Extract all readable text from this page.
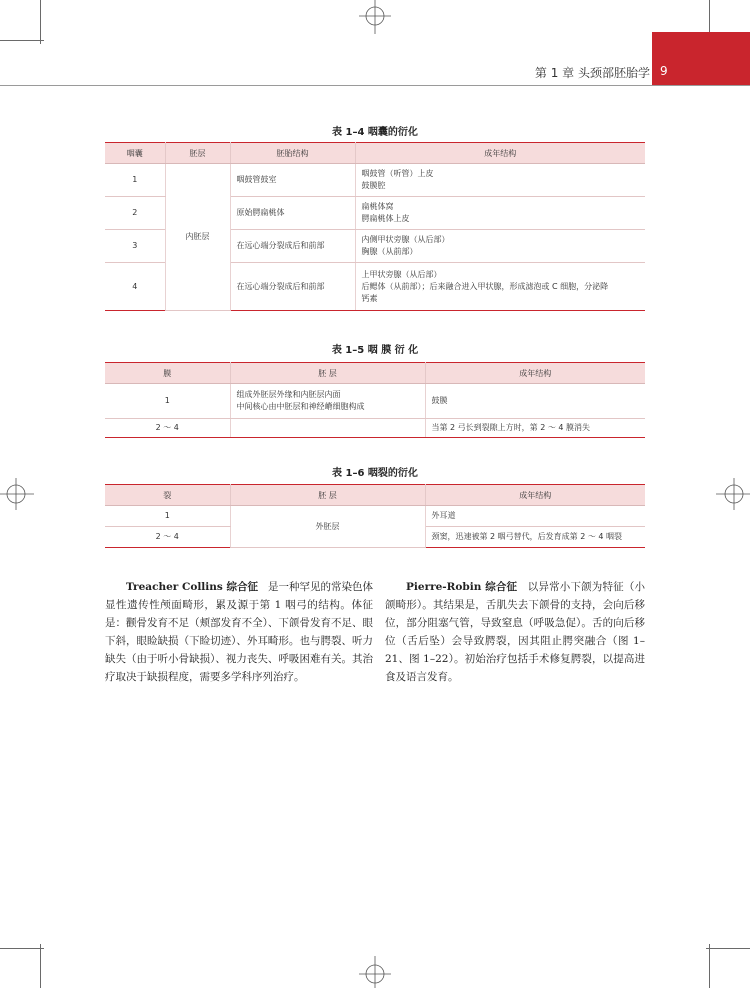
第 1 章 头颈部胚胎学 9
表 1–4 咽囊的衍化
咽囊	胚层	胚胎结构	成年结构
1	内胚层	咽鼓管鼓室	咽鼓管（听管）上皮
鼓膜腔

2		原始腭扁桃体	扁桃体窝
腭扁桃体上皮

3		在远心端分裂成后和前部	内侧甲状旁腺（从后部）
胸腺（从前部）

4		在远心端分裂成后和前部	上甲状旁腺（从后部）
后鳃体（从前部）；后来融合进入甲状腺，形成滤泡或 C 细胞，分泌降
钙素
表 1–5 咽 膜 衍 化
膜	胚 层	成年结构
1	组成外胚层外缘和内胚层内面
中间核心由中胚层和神经嵴细胞构成	鼓膜
2 ～ 4		当第 2 弓长到裂隙上方时，第 2 ～ 4 膜消失
表 1–6 咽裂的衍化
裂	胚 层	成年结构
1	外胚层	外耳道
2 ～ 4		颈窦，迅速被第 2 咽弓替代，后发育成第 2 ～ 4 咽裂
Treacher Collins 综合征 是一种罕见的常染色体显性遗传性颅面畸形，累及源于第 1 咽弓的结构。体征是：颧骨发育不足（颊部发育不全）、下颌骨发育不足、眼下斜，眼睑缺损（下睑切迹）、外耳畸形。也与腭裂、听力缺失（由于听小骨缺损）、视力丧失、呼吸困难有关。其治疗取决于缺损程度，需要多学科序列治疗。
Pierre-Robin 综合征 以异常小下颌为特征（小颌畸形）。其结果是，舌肌失去下颌骨的支持，会向后移位，部分阻塞气管，导致窒息（呼吸急促）。舌的向后移位（舌后坠）会导致腭裂，因其阻止腭突融合（图 1–21、图 1–22）。初始治疗包括手术修复腭裂，以提高进食及语言发育。
